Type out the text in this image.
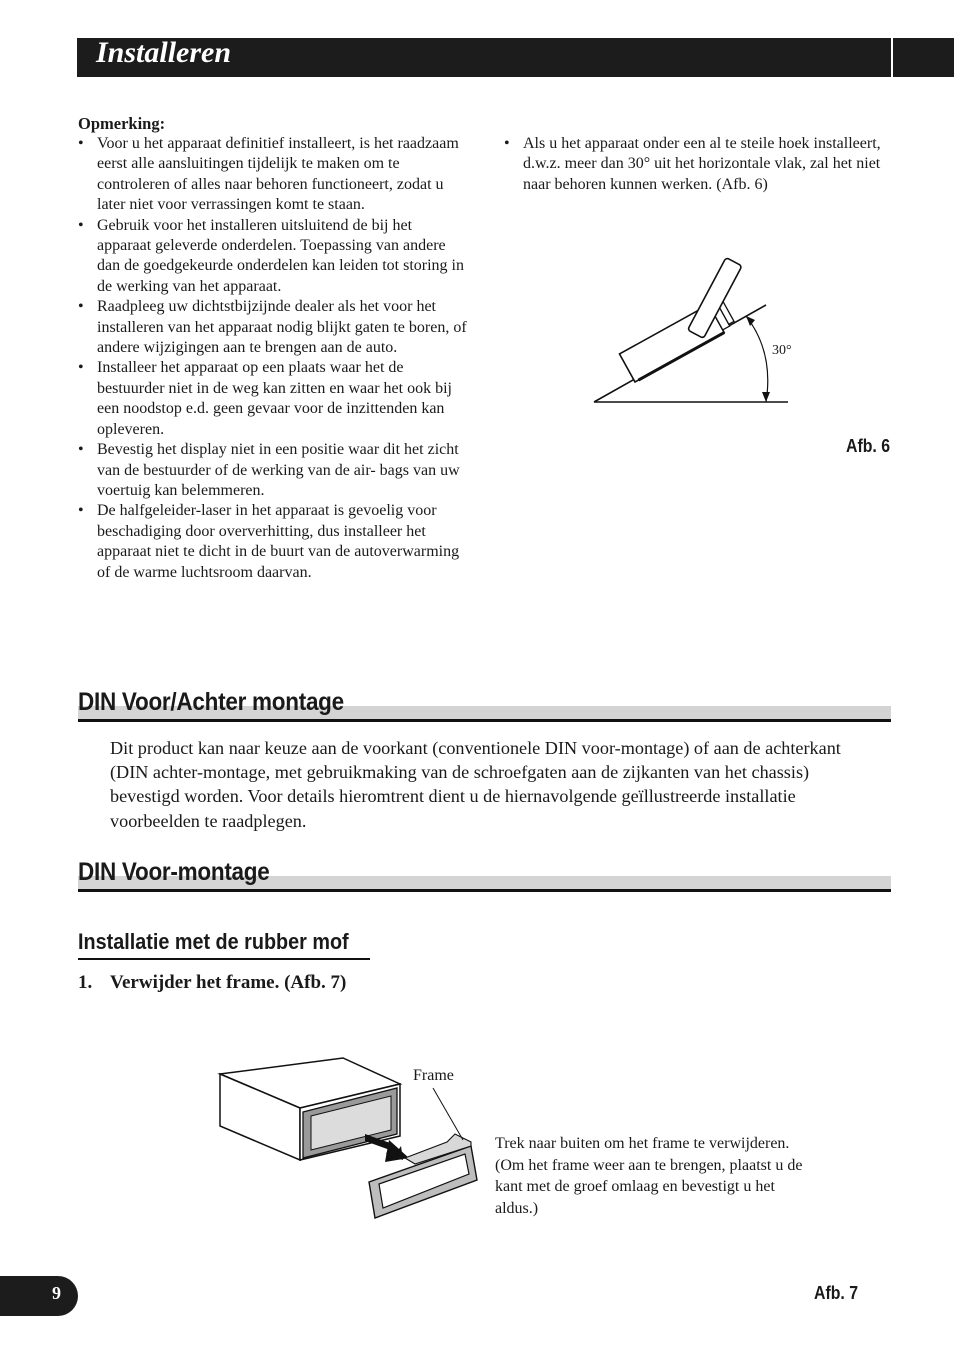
Installeren
Opmerking:
• Voor u het apparaat definitief installeert, is het raadzaam eerst alle aansluitingen tijdelijk te maken om te controleren of alles naar behoren functioneert, zodat u later niet voor verrassingen komt te staan.
• Gebruik voor het installeren uitsluitend de bij het apparaat geleverde onderdelen. Toepassing van andere dan de goedgekeurde onderdelen kan leiden tot storing in de werking van het apparaat.
• Raadpleeg uw dichtstbijzijnde dealer als het voor het installeren van het apparaat nodig blijkt gaten te boren, of andere wijzigingen aan te brengen aan de auto.
• Installeer het apparaat op een plaats waar het de bestuurder niet in de weg kan zitten en waar het ook bij een noodstop e.d. geen gevaar voor de inzittenden kan opleveren.
• Bevestig het display niet in een positie waar dit het zicht van de bestuurder of de werking van de air- bags van uw voertuig kan belemmeren.
• De halfgeleider-laser in het apparaat is gevoelig voor beschadiging door oververhitting, dus installeer het apparaat niet te dicht in de buurt van de autoverwarming of de warme luchtsroom daarvan.
• Als u het apparaat onder een al te steile hoek installeert, d.w.z. meer dan 30° uit het horizontale vlak, zal het niet naar behoren kunnen werken. (Afb. 6)
30°
Afb. 6
DIN Voor/Achter montage
Dit product kan naar keuze aan de voorkant (conventionele DIN voor-montage) of aan de achterkant (DIN achter-montage, met gebruikmaking van de schroefgaten aan de zijkanten van het chassis) bevestigd worden. Voor details hieromtrent dient u de hiernavolgende geïllustreerde installatie voorbeelden te raadplegen.
DIN Voor-montage
Installatie met de rubber mof
1. Verwijder het frame. (Afb. 7)
Frame
Trek naar buiten om het frame te verwijderen. (Om het frame weer aan te brengen, plaatst u de kant met de groef omlaag en bevestigt u het aldus.)
Afb. 7
9
